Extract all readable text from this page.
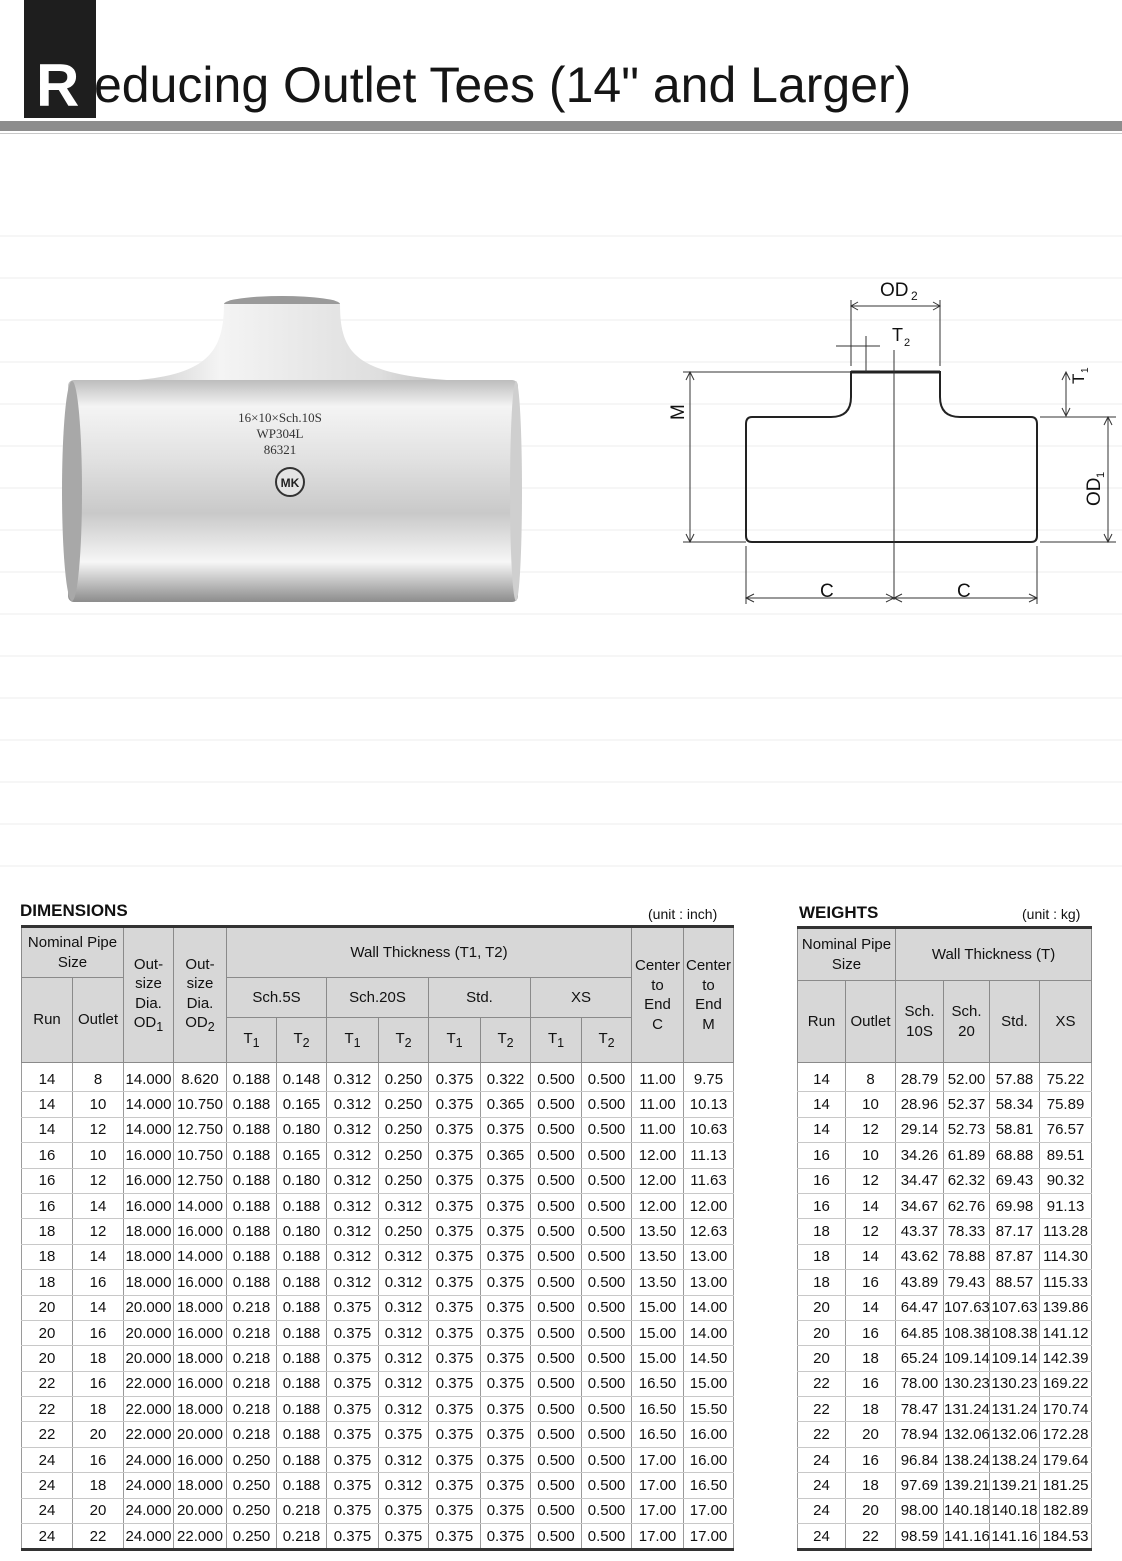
R educing Outlet Tees (14" and Larger)
16×10×Sch.10S
WP304L
86321
MK
OD 2
T 2
C	C
M
OD
1
T
1
DIMENSIONS	(unit : inch)
Nominal Pipe Size		Out-
size
Dia.
$OD_1$	Out-
size
Dia.
$OD_2$	Wall Thickness (T1, T2)								Center
to
End
C	Center
to
End
M
Run	Outlet			Sch.5S		Sch.20S		Std.		XS			
				$T_1$	$T_2$	$T_1$	$T_2$	$T_1$	$T_2$	$T_1$	$T_2$
14	8	14.000	8.620	0.188	0.148	0.312	0.250	0.375	0.322	0.500	0.500	11.00	9.75
14	10	14.000	10.750	0.188	0.165	0.312	0.250	0.375	0.365	0.500	0.500	11.00	10.13
14	12	14.000	12.750	0.188	0.180	0.312	0.250	0.375	0.375	0.500	0.500	11.00	10.63
16	10	16.000	10.750	0.188	0.165	0.312	0.250	0.375	0.365	0.500	0.500	12.00	11.13
16	12	16.000	12.750	0.188	0.180	0.312	0.250	0.375	0.375	0.500	0.500	12.00	11.63
16	14	16.000	14.000	0.188	0.188	0.312	0.312	0.375	0.375	0.500	0.500	12.00	12.00
18	12	18.000	16.000	0.188	0.180	0.312	0.250	0.375	0.375	0.500	0.500	13.50	12.63
18	14	18.000	14.000	0.188	0.188	0.312	0.312	0.375	0.375	0.500	0.500	13.50	13.00
18	16	18.000	16.000	0.188	0.188	0.312	0.312	0.375	0.375	0.500	0.500	13.50	13.00
20	14	20.000	18.000	0.218	0.188	0.375	0.312	0.375	0.375	0.500	0.500	15.00	14.00
20	16	20.000	16.000	0.218	0.188	0.375	0.312	0.375	0.375	0.500	0.500	15.00	14.00
20	18	20.000	18.000	0.218	0.188	0.375	0.312	0.375	0.375	0.500	0.500	15.00	14.50
22	16	22.000	16.000	0.218	0.188	0.375	0.312	0.375	0.375	0.500	0.500	16.50	15.00
22	18	22.000	18.000	0.218	0.188	0.375	0.312	0.375	0.375	0.500	0.500	16.50	15.50
22	20	22.000	20.000	0.218	0.188	0.375	0.375	0.375	0.375	0.500	0.500	16.50	16.00
24	16	24.000	16.000	0.250	0.188	0.375	0.312	0.375	0.375	0.500	0.500	17.00	16.00
24	18	24.000	18.000	0.250	0.188	0.375	0.312	0.375	0.375	0.500	0.500	17.00	16.50
24	20	24.000	20.000	0.250	0.218	0.375	0.375	0.375	0.375	0.500	0.500	17.00	17.00
24	22	24.000	22.000	0.250	0.218	0.375	0.375	0.375	0.375	0.500	0.500	17.00	17.00
WEIGHTS	(unit : kg)
Nominal Pipe Size		Wall Thickness (T)			
Run	Outlet	Sch.
10S	Sch.
20	Std.	XS
14	8	28.79	52.00	57.88	75.22
14	10	28.96	52.37	58.34	75.89
14	12	29.14	52.73	58.81	76.57
16	10	34.26	61.89	68.88	89.51
16	12	34.47	62.32	69.43	90.32
16	14	34.67	62.76	69.98	91.13
18	12	43.37	78.33	87.17	113.28
18	14	43.62	78.88	87.87	114.30
18	16	43.89	79.43	88.57	115.33
20	14	64.47	107.63	107.63	139.86
20	16	64.85	108.38	108.38	141.12
20	18	65.24	109.14	109.14	142.39
22	16	78.00	130.23	130.23	169.22
22	18	78.47	131.24	131.24	170.74
22	20	78.94	132.06	132.06	172.28
24	16	96.84	138.24	138.24	179.64
24	18	97.69	139.21	139.21	181.25
24	20	98.00	140.18	140.18	182.89
24	22	98.59	141.16	141.16	184.53
